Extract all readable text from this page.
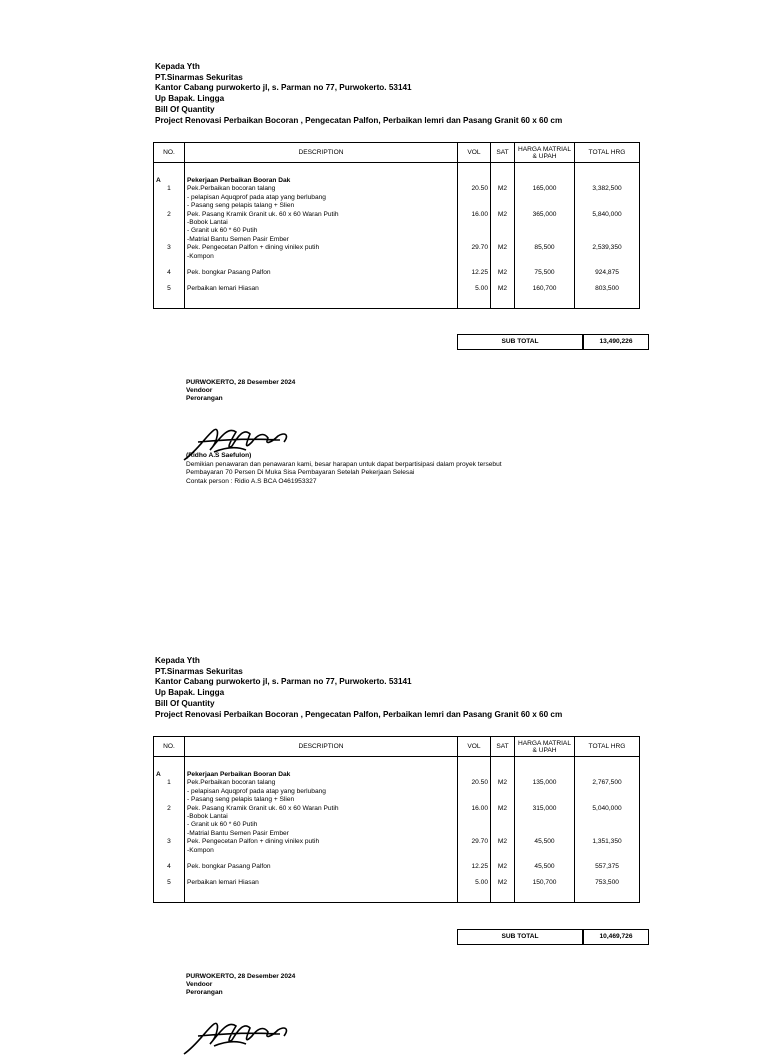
Kepada Yth
PT.Sinarmas Sekuritas
Kantor Cabang purwokerto jl, s. Parman no 77, Purwokerto. 53141
Up Bapak. Lingga
Bill Of Quantity
Project Renovasi Perbaikan Bocoran , Pengecatan Palfon, Perbaikan lemri dan Pasang Granit 60 x 60 cm
NO.	DESCRIPTION	VOL	SAT	HARGA MATRIAL
& UPAH	TOTAL HRG

A	Pekerjaan Perbaikan Booran Dak				
1	Pek.Perbaikan bocoran talang	20.50	M2	165,000	3,382,500
	- pelapisan Aquqprof pada atap yang berlubang				
	- Pasang seng pelapis talang + Slien				
2	Pek. Pasang Kramik Granit uk. 60 x 60 Waran Putih	16.00	M2	365,000	5,840,000
	-Bobok Lantai				
	- Granit uk 60 * 60 Putih				
	-Matrial Bantu Semen Pasir Ember				
3	Pek. Pengecetan Palfon + dining vinilex putih	29.70	M2	85,500	2,539,350
	-Kompon				

4	Pek. bongkar Pasang Palfon	12.25	M2	75,500	924,875

5	Perbaikan lemari Hiasan	5.00	M2	160,700	803,500

SUB TOTAL	13,490,226
PURWOKERTO, 28 Desember 2024
Vendoor
Perorangan
(Ridho A.S Saefulon)
Demikian penawaran dan penawaran kami, besar harapan untuk dapat berpartisipasi dalam proyek tersebut
Pembayaran 70 Persen Di Muka Sisa Pembayaran Setelah Pekerjaan Selesai
Contak person : Ridio A.S BCA O461953327
Kepada Yth
PT.Sinarmas Sekuritas
Kantor Cabang purwokerto jl, s. Parman no 77, Purwokerto. 53141
Up Bapak. Lingga
Bill Of Quantity
Project Renovasi Perbaikan Bocoran , Pengecatan Palfon, Perbaikan lemri dan Pasang Granit 60 x 60 cm
NO.	DESCRIPTION	VOL	SAT	HARGA MATRIAL
& UPAH	TOTAL HRG

A	Pekerjaan Perbaikan Booran Dak				
1	Pek.Perbaikan bocoran talang	20.50	M2	135,000	2,767,500
	- pelapisan Aquqprof pada atap yang berlubang				
	- Pasang seng pelapis talang + Slien				
2	Pek. Pasang Kramik Granit uk. 60 x 60 Waran Putih	16.00	M2	315,000	5,040,000
	-Bobok Lantai				
	- Granit uk 60 * 60 Putih				
	-Matrial Bantu Semen Pasir Ember				
3	Pek. Pengecetan Palfon + dining vinilex putih	29.70	M2	45,500	1,351,350
	-Kompon				

4	Pek. bongkar Pasang Palfon	12.25	M2	45,500	557,375

5	Perbaikan lemari Hiasan	5.00	M2	150,700	753,500

SUB TOTAL	10,469,726
PURWOKERTO, 28 Desember 2024
Vendoor
Perorangan
